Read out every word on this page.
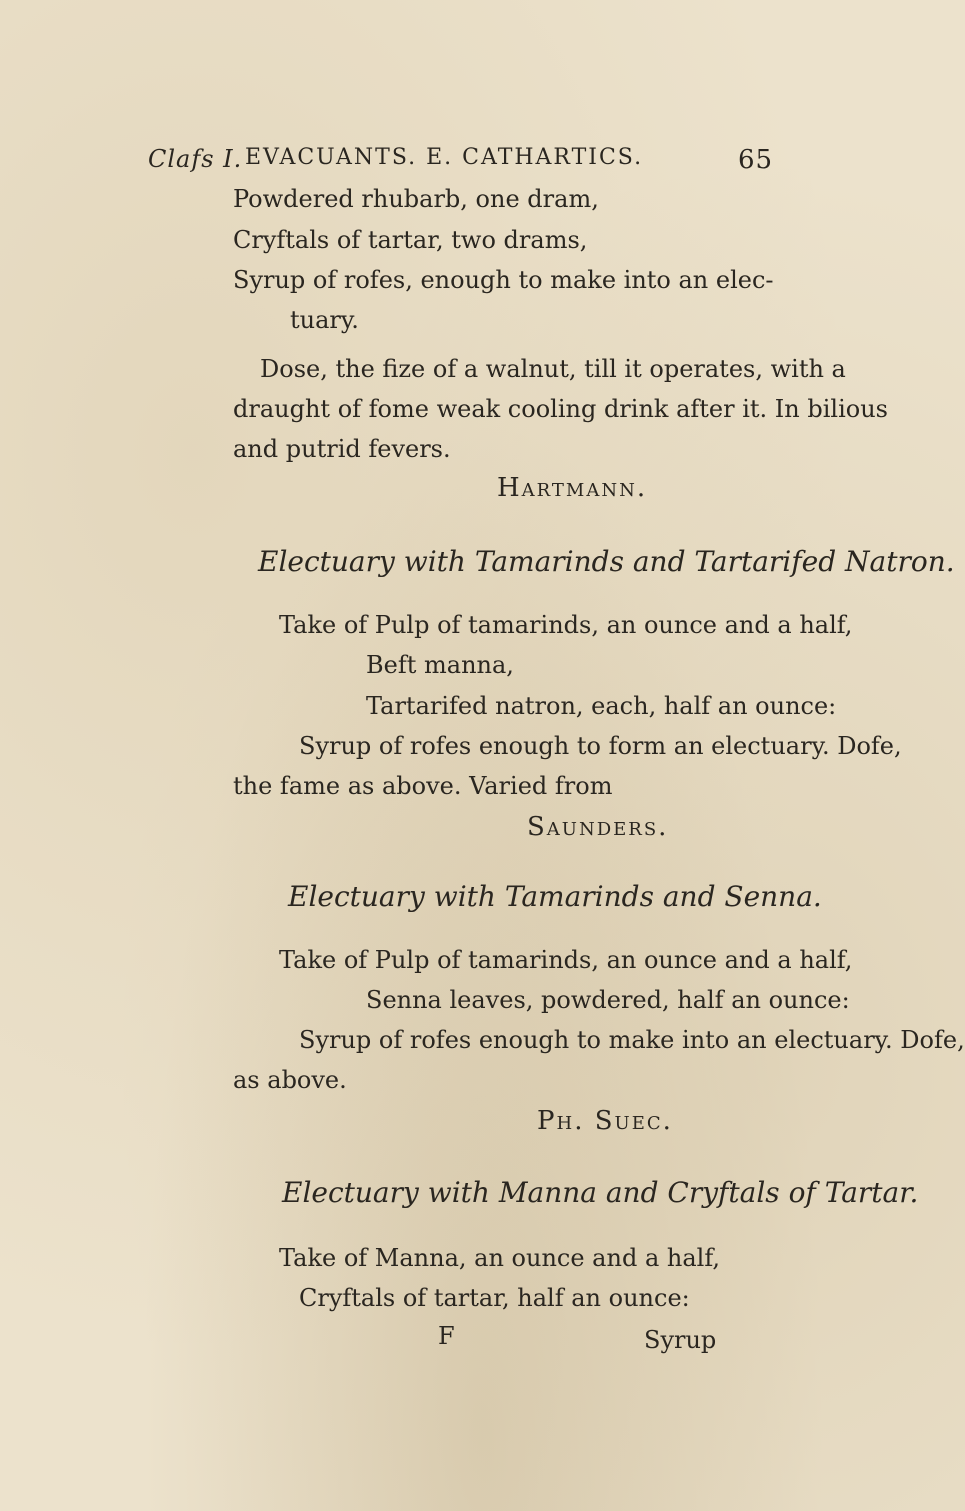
Clafs I. EVACUANTS. E. CATHARTICS.	65
Powdered rhubarb, one dram,
Cryftals of tartar, two drams,
Syrup of rofes, enough to make into an elec-
tuary.
Dose, the fize of a walnut, till it operates, with a
draught of fome weak cooling drink after it. In bilious
and putrid fevers.
Hartmann.
Electuary with Tamarinds and Tartarifed Natron.
Take of Pulp of tamarinds, an ounce and a half,
Beft manna,
Tartarifed natron, each, half an ounce:
Syrup of rofes enough to form an electuary. Dofe,
the fame as above. Varied from
Saunders.
Electuary with Tamarinds and Senna.
Take of Pulp of tamarinds, an ounce and a half,
Senna leaves, powdered, half an ounce:
Syrup of rofes enough to make into an electuary. Dofe,
as above.
Ph. Suec.
Electuary with Manna and Cryftals of Tartar.
Take of Manna, an ounce and a half,
Cryftals of tartar, half an ounce:
F	Syrup
